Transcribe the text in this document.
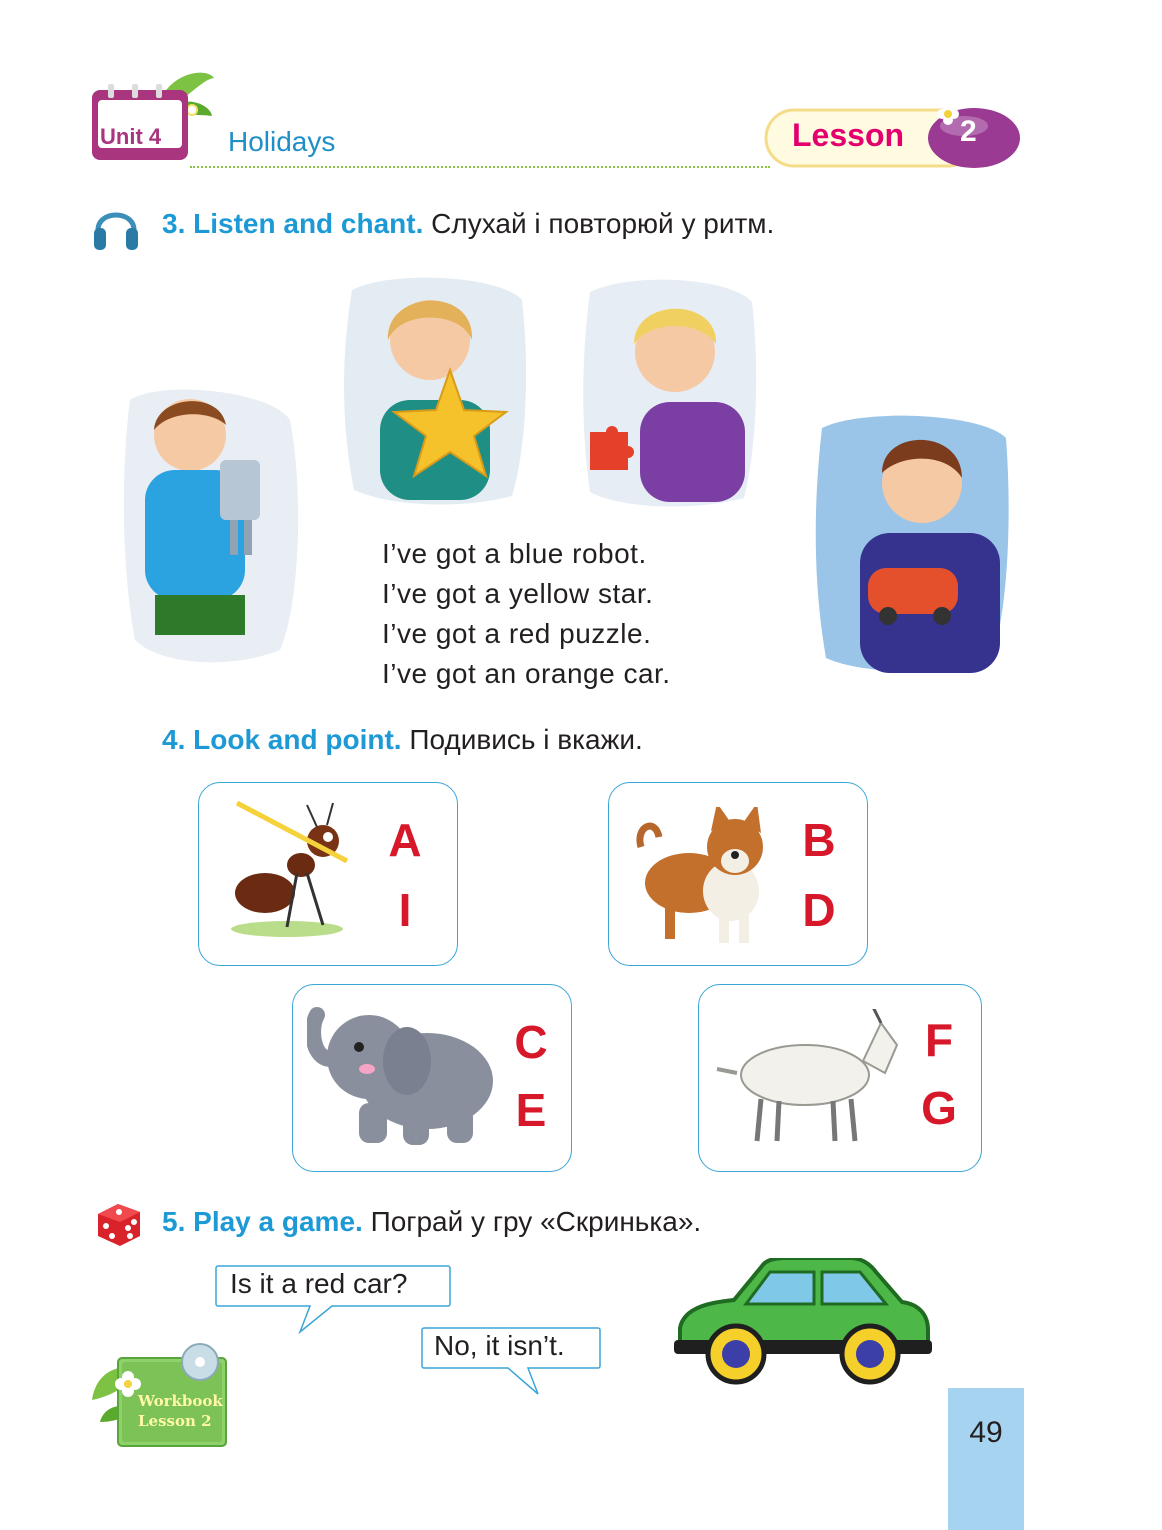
Unit 4 Holidays	Lesson 2
3. Listen and chant. Слухай і повторюй у ритм.
I’ve got a blue robot.
I’ve got a yellow star.
I’ve got a red puzzle.
I’ve got an orange car.
4. Look and point. Подивись і вкажи.
A
I
B
D
C
E
F
G
5. Play a game. Пограй у гру «Скринька».
Is it a red car?
No, it isn’t.
Workbook
Lesson 2	49
